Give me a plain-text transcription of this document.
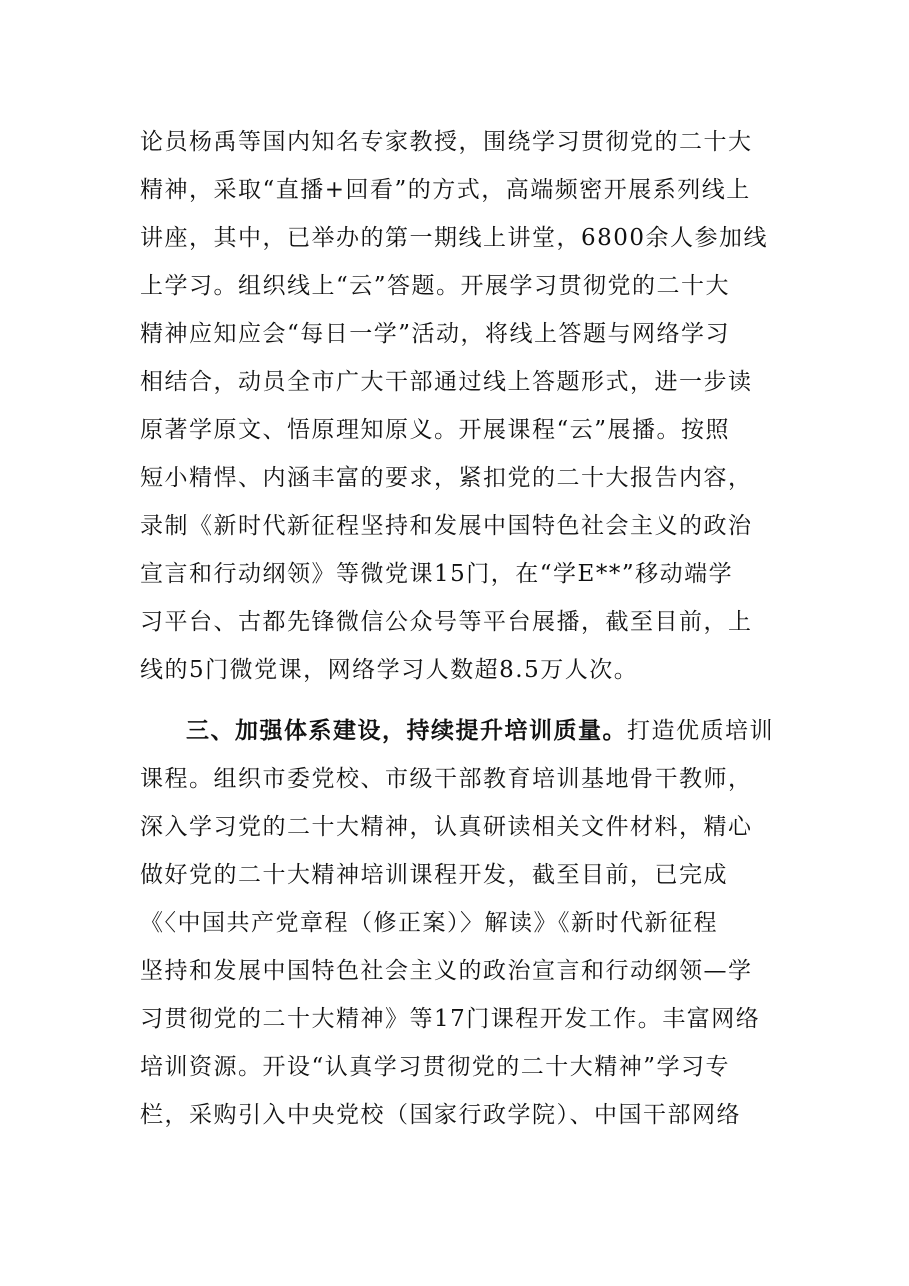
论员杨禹等国内知名专家教授，围绕学习贯彻党的二十大
精神，采取“直播+回看”的方式，高端频密开展系列线上
讲座，其中，已举办的第一期线上讲堂，6800余人参加线
上学习。组织线上“云”答题。开展学习贯彻党的二十大
精神应知应会“每日一学”活动，将线上答题与网络学习
相结合，动员全市广大干部通过线上答题形式，进一步读
原著学原文、悟原理知原义。开展课程“云”展播。按照
短小精悍、内涵丰富的要求，紧扣党的二十大报告内容，
录制《新时代新征程坚持和发展中国特色社会主义的政治
宣言和行动纲领》等微党课15门，在“学E**”移动端学
习平台、古都先锋微信公众号等平台展播，截至目前，上
线的5门微党课，网络学习人数超8.5万人次。
三、加强体系建设，持续提升培训质量。打造优质培训
课程。组织市委党校、市级干部教育培训基地骨干教师，
深入学习党的二十大精神，认真研读相关文件材料，精心
做好党的二十大精神培训课程开发，截至目前，已完成
《〈中国共产党章程（修正案）〉解读》《新时代新征程
坚持和发展中国特色社会主义的政治宣言和行动纲领—学
习贯彻党的二十大精神》等17门课程开发工作。丰富网络
培训资源。开设“认真学习贯彻党的二十大精神”学习专
栏，采购引入中央党校（国家行政学院）、中国干部网络
